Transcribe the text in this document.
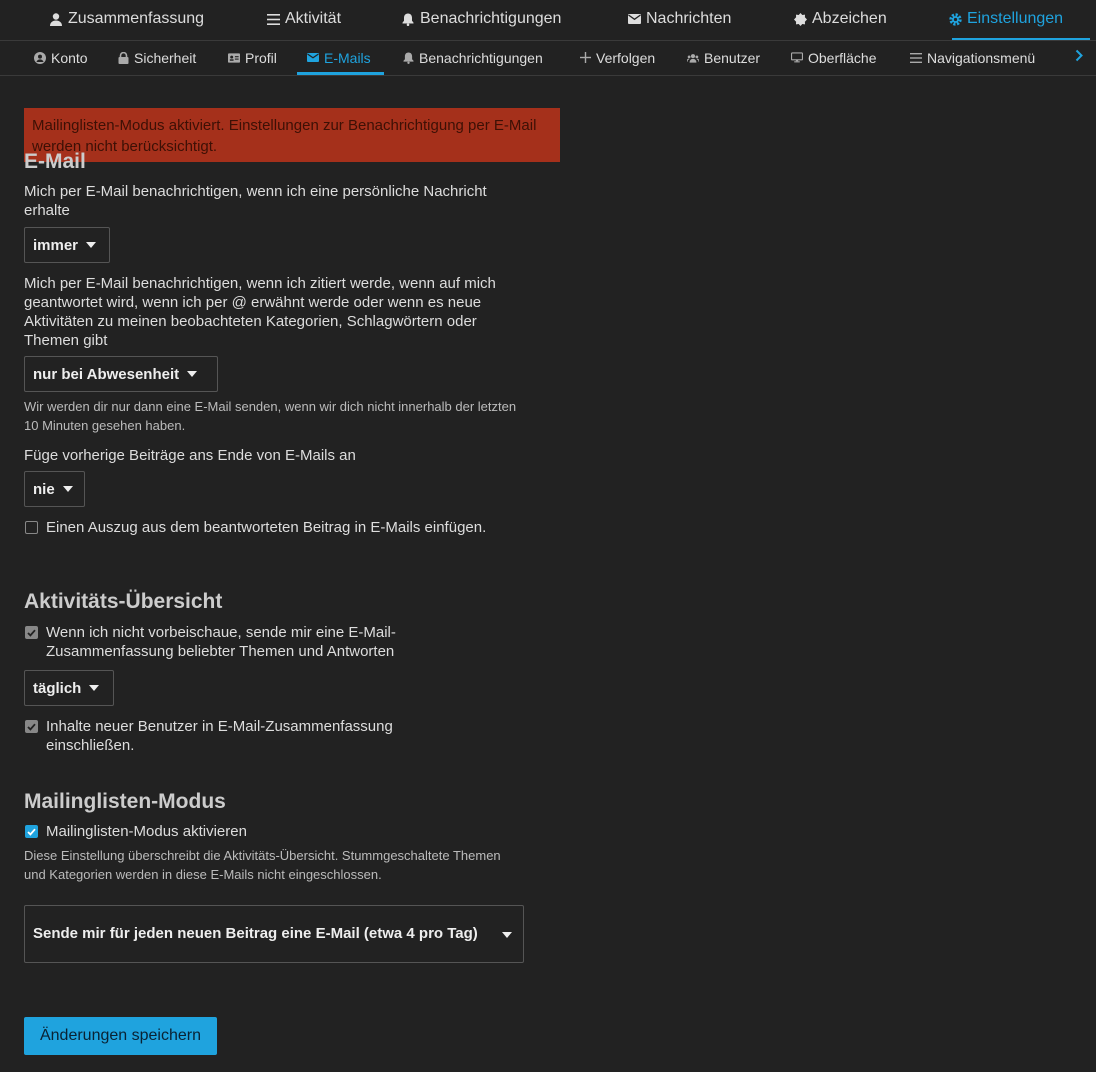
Zusammenfassung	Aktivität	Benachrichtigungen	Nachrichten	Abzeichen	Einstellungen
Konto	Sicherheit	Profil	E-Mails	Benachrichtigungen	Verfolgen	Benutzer	Oberfläche	Navigationsmenü
Mailinglisten-Modus aktiviert. Einstellungen zur Benachrichtigung per E-Mail werden nicht berücksichtigt.
E-Mail
Mich per E-Mail benachrichtigen, wenn ich eine persönliche Nachricht erhalte
immer
Mich per E-Mail benachrichtigen, wenn ich zitiert werde, wenn auf mich geantwortet wird, wenn ich per @ erwähnt werde oder wenn es neue Aktivitäten zu meinen beobachteten Kategorien, Schlagwörtern oder Themen gibt
nur bei Abwesenheit
Wir werden dir nur dann eine E-Mail senden, wenn wir dich nicht innerhalb der letzten 10 Minuten gesehen haben.
Füge vorherige Beiträge ans Ende von E-Mails an
nie
Einen Auszug aus dem beantworteten Beitrag in E-Mails einfügen.
Aktivitäts-Übersicht
Wenn ich nicht vorbeischaue, sende mir eine E-Mail-Zusammenfassung beliebter Themen und Antworten
täglich
Inhalte neuer Benutzer in E-Mail-Zusammenfassung einschließen.
Mailinglisten-Modus
Mailinglisten-Modus aktivieren
Diese Einstellung überschreibt die Aktivitäts-Übersicht. Stummgeschaltete Themen und Kategorien werden in diese E-Mails nicht eingeschlossen.
Sende mir für jeden neuen Beitrag eine E-Mail (etwa 4 pro Tag)
Änderungen speichern
